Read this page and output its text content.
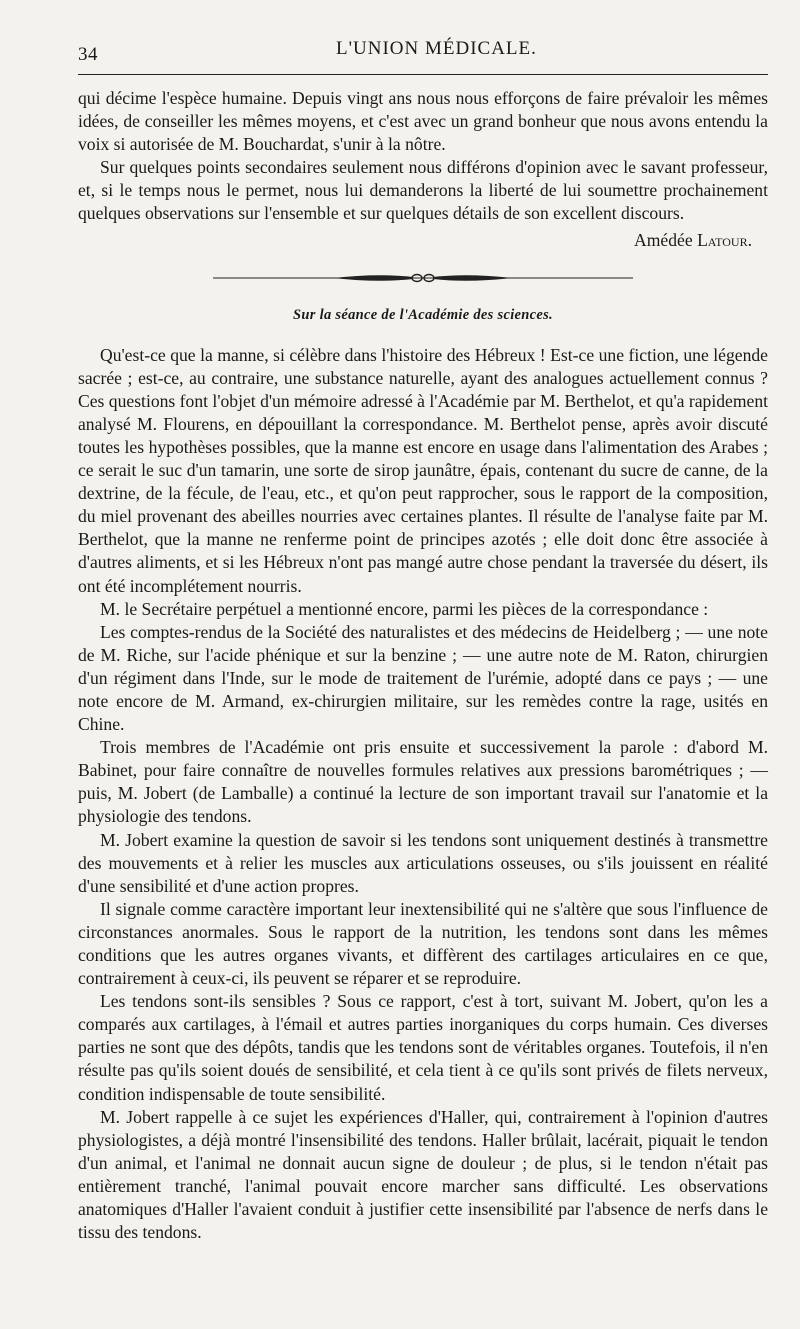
34	L'UNION MÉDICALE.

qui décime l'espèce humaine. Depuis vingt ans nous nous efforçons de faire prévaloir les mêmes idées, de conseiller les mêmes moyens, et c'est avec un grand bonheur que nous avons entendu la voix si autorisée de M. Bouchardat, s'unir à la nôtre.

Sur quelques points secondaires seulement nous différons d'opinion avec le savant professeur, et, si le temps nous le permet, nous lui demanderons la liberté de lui soumettre prochainement quelques observations sur l'ensemble et sur quelques détails de son excellent discours.

Amédée Latour.
Sur la séance de l'Académie des sciences.

Qu'est-ce que la manne, si célèbre dans l'histoire des Hébreux ! Est-ce une fiction, une légende sacrée ; est-ce, au contraire, une substance naturelle, ayant des analogues actuellement connus ? Ces questions font l'objet d'un mémoire adressé à l'Académie par M. Berthelot, et qu'a rapidement analysé M. Flourens, en dépouillant la correspondance. M. Berthelot pense, après avoir discuté toutes les hypothèses possibles, que la manne est encore en usage dans l'alimentation des Arabes ; ce serait le suc d'un tamarin, une sorte de sirop jaunâtre, épais, contenant du sucre de canne, de la dextrine, de la fécule, de l'eau, etc., et qu'on peut rapprocher, sous le rapport de la composition, du miel provenant des abeilles nourries avec certaines plantes. Il résulte de l'analyse faite par M. Berthelot, que la manne ne renferme point de principes azotés ; elle doit donc être associée à d'autres aliments, et si les Hébreux n'ont pas mangé autre chose pendant la traversée du désert, ils ont été incomplétement nourris.

M. le Secrétaire perpétuel a mentionné encore, parmi les pièces de la correspondance :

Les comptes-rendus de la Société des naturalistes et des médecins de Heidelberg ; — une note de M. Riche, sur l'acide phénique et sur la benzine ; — une autre note de M. Raton, chirurgien d'un régiment dans l'Inde, sur le mode de traitement de l'urémie, adopté dans ce pays ; — une note encore de M. Armand, ex-chirurgien militaire, sur les remèdes contre la rage, usités en Chine.

Trois membres de l'Académie ont pris ensuite et successivement la parole : d'abord M. Babinet, pour faire connaître de nouvelles formules relatives aux pressions barométriques ; — puis, M. Jobert (de Lamballe) a continué la lecture de son important travail sur l'anatomie et la physiologie des tendons.

M. Jobert examine la question de savoir si les tendons sont uniquement destinés à transmettre des mouvements et à relier les muscles aux articulations osseuses, ou s'ils jouissent en réalité d'une sensibilité et d'une action propres.

Il signale comme caractère important leur inextensibilité qui ne s'altère que sous l'influence de circonstances anormales. Sous le rapport de la nutrition, les tendons sont dans les mêmes conditions que les autres organes vivants, et diffèrent des cartilages articulaires en ce que, contrairement à ceux-ci, ils peuvent se réparer et se reproduire.

Les tendons sont-ils sensibles ? Sous ce rapport, c'est à tort, suivant M. Jobert, qu'on les a comparés aux cartilages, à l'émail et autres parties inorganiques du corps humain. Ces diverses parties ne sont que des dépôts, tandis que les tendons sont de véritables organes. Toutefois, il n'en résulte pas qu'ils soient doués de sensibilité, et cela tient à ce qu'ils sont privés de filets nerveux, condition indispensable de toute sensibilité.

M. Jobert rappelle à ce sujet les expériences d'Haller, qui, contrairement à l'opinion d'autres physiologistes, a déjà montré l'insensibilité des tendons. Haller brûlait, lacérait, piquait le tendon d'un animal, et l'animal ne donnait aucun signe de douleur ; de plus, si le tendon n'était pas entièrement tranché, l'animal pouvait encore marcher sans difficulté. Les observations anatomiques d'Haller l'avaient conduit à justifier cette insensibilité par l'absence de nerfs dans le tissu des tendons.
